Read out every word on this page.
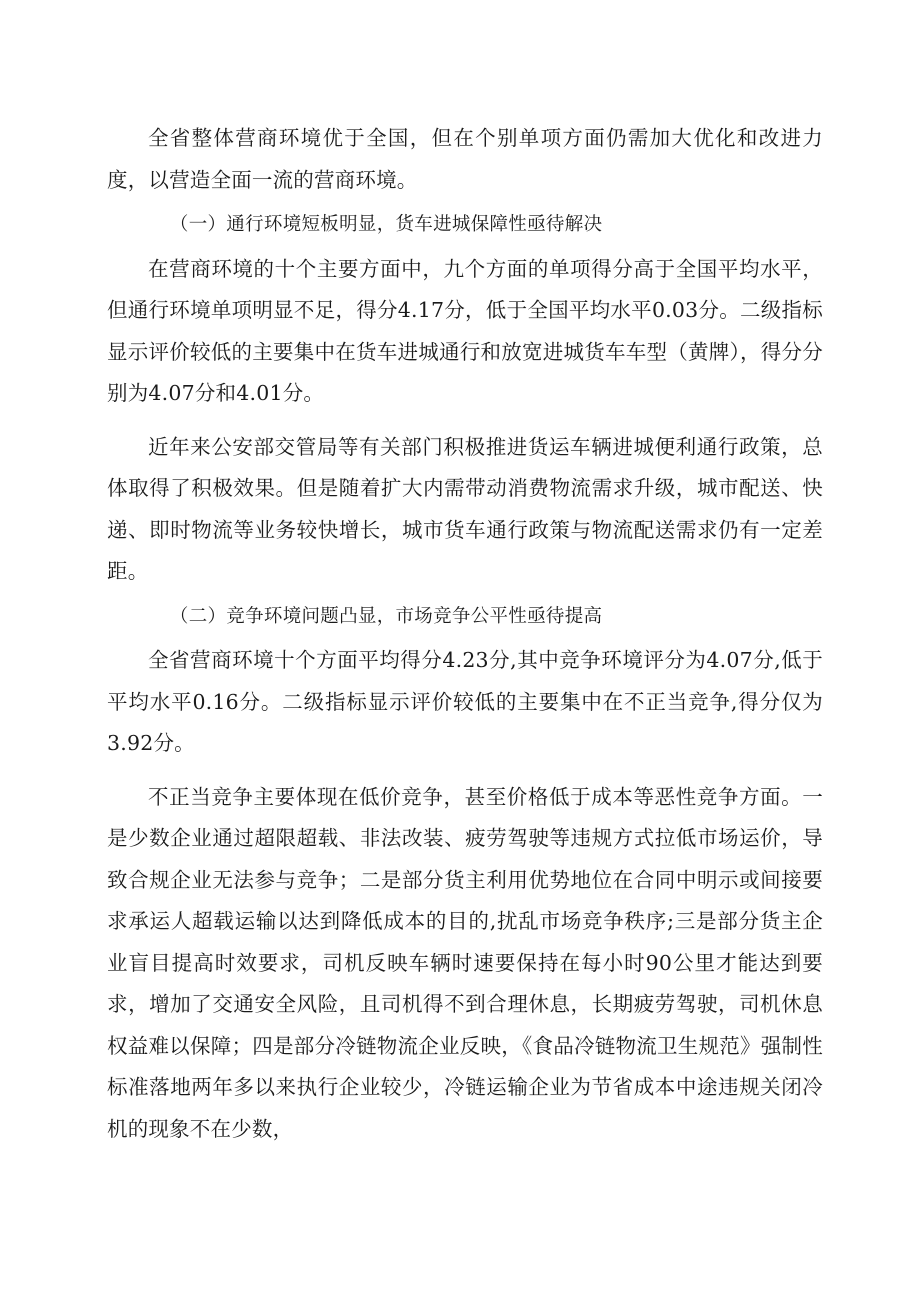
全省整体营商环境优于全国，但在个别单项方面仍需加大优化和改进力度，以营造全面一流的营商环境。

（一）通行环境短板明显，货车进城保障性亟待解决

在营商环境的十个主要方面中，九个方面的单项得分高于全国平均水平，但通行环境单项明显不足，得分4.17分，低于全国平均水平0.03分。二级指标显示评价较低的主要集中在货车进城通行和放宽进城货车车型（黄牌），得分分别为4.07分和4.01分。

近年来公安部交管局等有关部门积极推进货运车辆进城便利通行政策，总体取得了积极效果。但是随着扩大内需带动消费物流需求升级，城市配送、快递、即时物流等业务较快增长，城市货车通行政策与物流配送需求仍有一定差距。

（二）竞争环境问题凸显，市场竞争公平性亟待提高

全省营商环境十个方面平均得分4.23分,其中竞争环境评分为4.07分,低于平均水平0.16分。二级指标显示评价较低的主要集中在不正当竞争,得分仅为3.92分。

不正当竞争主要体现在低价竞争，甚至价格低于成本等恶性竞争方面。一是少数企业通过超限超载、非法改装、疲劳驾驶等违规方式拉低市场运价，导致合规企业无法参与竞争；二是部分货主利用优势地位在合同中明示或间接要求承运人超载运输以达到降低成本的目的,扰乱市场竞争秩序;三是部分货主企业盲目提高时效要求，司机反映车辆时速要保持在每小时90公里才能达到要求，增加了交通安全风险，且司机得不到合理休息，长期疲劳驾驶，司机休息权益难以保障；四是部分冷链物流企业反映，《食品冷链物流卫生规范》强制性标准落地两年多以来执行企业较少，冷链运输企业为节省成本中途违规关闭冷机的现象不在少数，
